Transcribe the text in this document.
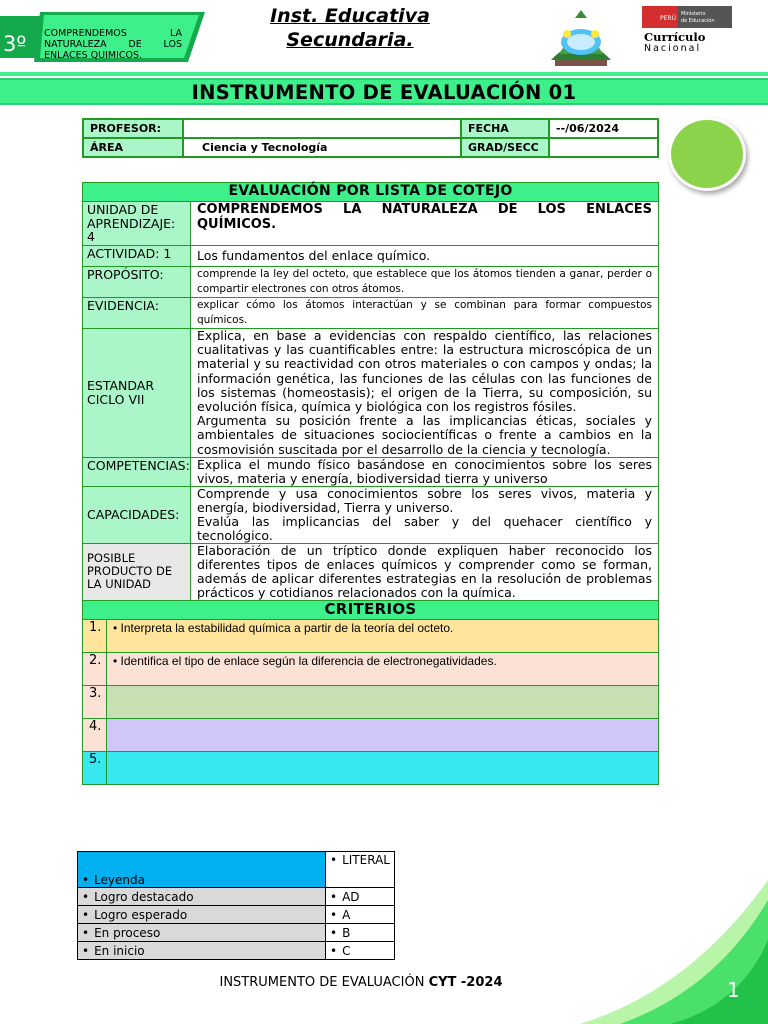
3º COMPRENDEMOS LA NATURALEZA DE LOS ENLACES QUIMICOS.
Inst. Educativa
Secundaria.
PERÚ
Ministerio
de Educación
Currículo
Nacional
INSTRUMENTO DE EVALUACIÓN 01
PROFESOR:		FECHA	--/06/2024
ÁREA	Ciencia y Tecnología	GRAD/SECC	
EVALUACIÓN POR LISTA DE COTEJO		
UNIDAD DE APRENDIZAJE: 4		COMPRENDEMOS LA NATURALEZA DE LOS ENLACES QUÍMICOS.
ACTIVIDAD: 1		Los fundamentos del enlace químico.
PROPÓSITO:		comprende la ley del octeto, que establece que los átomos tienden a ganar, perder o compartir electrones con otros átomos.
EVIDENCIA:		explicar cómo los átomos interactúan y se combinan para formar compuestos químicos.
ESTANDAR CICLO VII		Explica, en base a evidencias con respaldo científico, las relaciones cualitativas y las cuantificables entre: la estructura microscópica de un material y su reactividad con otros materiales o con campos y ondas; la información genética, las funciones de las células con las funciones de los sistemas (homeostasis); el origen de la Tierra, su composición, su evolución física, química y biológica con los registros fósiles.
Argumenta su posición frente a las implicancias éticas, sociales y ambientales de situaciones sociocientíficas o frente a cambios en la cosmovisión suscitada por el desarrollo de la ciencia y tecnología.

COMPETENCIAS:		Explica el mundo físico basándose en conocimientos sobre los seres vivos, materia y energía, biodiversidad tierra y universo
CAPACIDADES:		Comprende y usa conocimientos sobre los seres vivos, materia y energía, biodiversidad, Tierra y universo.
Evalúa las implicancias del saber y del quehacer científico y tecnológico.

POSIBLE PRODUCTO DE LA UNIDAD		Elaboración de un tríptico donde expliquen haber reconocido los diferentes tipos de enlaces químicos y comprender como se forman, además de aplicar diferentes estrategias en la resolución de problemas prácticos y cotidianos relacionados con la química.
CRITERIOS		
1.	• Interpreta la estabilidad química a partir de la teoría del octeto.	
2.	• Identifica el tipo de enlace según la diferencia de electronegatividades.	
3.		
4.		
5.		
• Leyenda	• LITERAL
• Logro destacado	• AD
• Logro esperado	• A
• En proceso	• B
• En inicio	• C
INSTRUMENTO DE EVALUACIÓN CYT -2024	1
